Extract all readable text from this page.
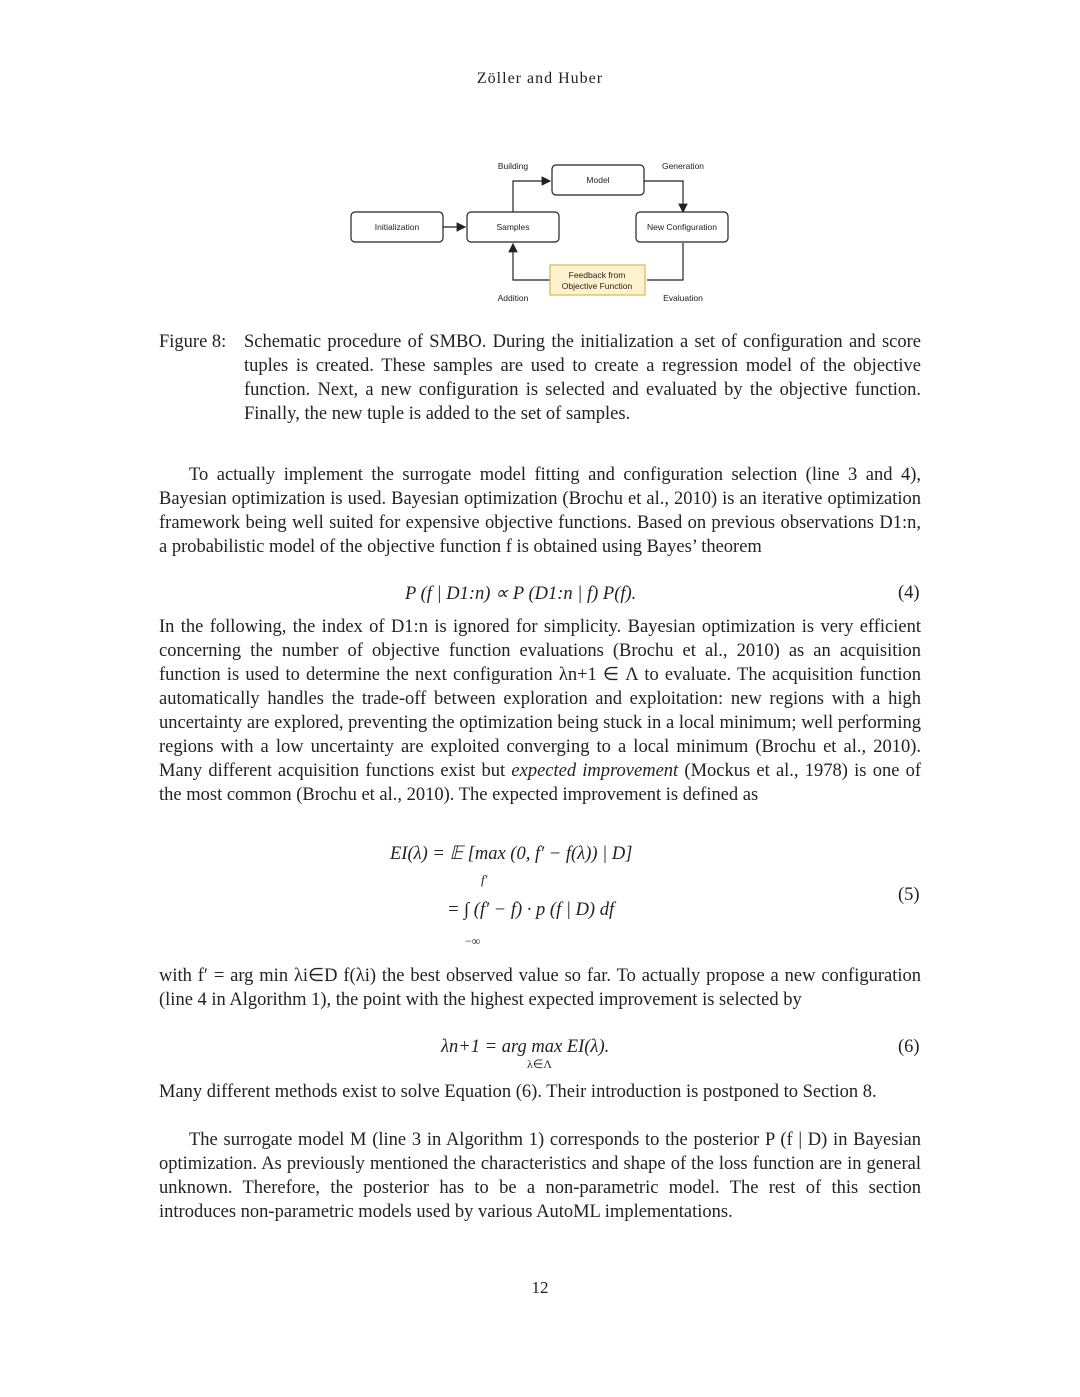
Zöller and Huber
Initialization	Samples
Model
New Configuration
Feedback from
Objective Function
Building	Generation
Addition	Evaluation
Figure 8: Schematic procedure of SMBO. During the initialization a set of configuration and score tuples is created. These samples are used to create a regression model of the objective function. Next, a new configuration is selected and evaluated by the objective function. Finally, the new tuple is added to the set of samples.
To actually implement the surrogate model fitting and configuration selection (line 3 and 4), Bayesian optimization is used. Bayesian optimization (Brochu et al., 2010) is an iterative optimization framework being well suited for expensive objective functions. Based on previous observations D1:n, a probabilistic model of the objective function f is obtained using Bayes’ theorem
P (f | D1:n) ∝ P (D1:n | f) P(f).	(4)
In the following, the index of D1:n is ignored for simplicity. Bayesian optimization is very efficient concerning the number of objective function evaluations (Brochu et al., 2010) as an acquisition function is used to determine the next configuration λn+1 ∈ Λ to evaluate. The acquisition function automatically handles the trade-off between exploration and exploitation: new regions with a high uncertainty are explored, preventing the optimization being stuck in a local minimum; well performing regions with a low uncertainty are exploited converging to a local minimum (Brochu et al., 2010). Many different acquisition functions exist but expected improvement (Mockus et al., 1978) is one of the most common (Brochu et al., 2010). The expected improvement is defined as
EI(λ) = 𝔼 [max (0, f′ − f(λ)) | D]
f′
= ∫ (f′ − f) · p (f | D) df
−∞
(5)
with f′ = arg min λi∈D f(λi) the best observed value so far. To actually propose a new configuration (line 4 in Algorithm 1), the point with the highest expected improvement is selected by
λn+1 = arg max EI(λ).
λ∈Λ
(6)
Many different methods exist to solve Equation (6). Their introduction is postponed to Section 8.
The surrogate model M (line 3 in Algorithm 1) corresponds to the posterior P (f | D) in Bayesian optimization. As previously mentioned the characteristics and shape of the loss function are in general unknown. Therefore, the posterior has to be a non-parametric model. The rest of this section introduces non-parametric models used by various AutoML implementations.
12
